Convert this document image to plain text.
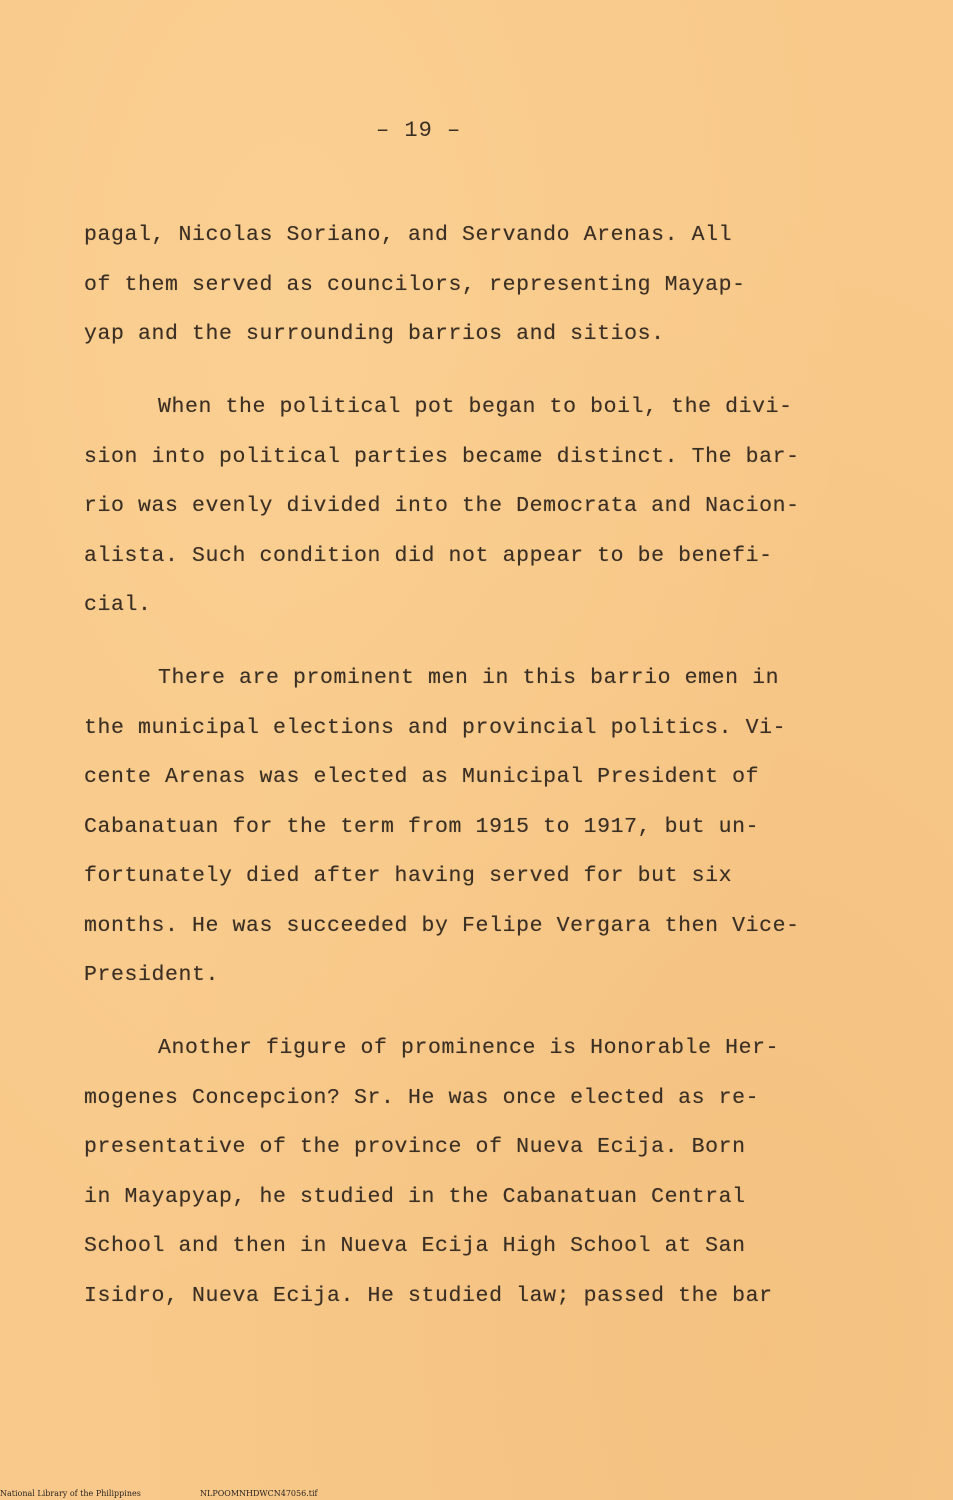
– 19 –

pagal, Nicolas Soriano, and Servando Arenas. All
of them served as councilors, representing Mayap-
yap and the surrounding barrios and sitios.
When the political pot began to boil, the divi-
sion into political parties became distinct. The bar-
rio was evenly divided into the Democrata and Nacion-
alista. Such condition did not appear to be benefi-
cial.
There are prominent men in this barrio emen in
the municipal elections and provincial politics. Vi-
cente Arenas was elected as Municipal President of
Cabanatuan for the term from 1915 to 1917, but un-
fortunately died after having served for but six
months. He was succeeded by Felipe Vergara then Vice-
President.
Another figure of prominence is Honorable Her-
mogenes Concepcion? Sr. He was once elected as re-
presentative of the province of Nueva Ecija. Born
in Mayapyap, he studied in the Cabanatuan Central
School and then in Nueva Ecija High School at San
Isidro, Nueva Ecija. He studied law; passed the bar

National Library of the Philippines	NLPOOMNHDWCN47056.tif
